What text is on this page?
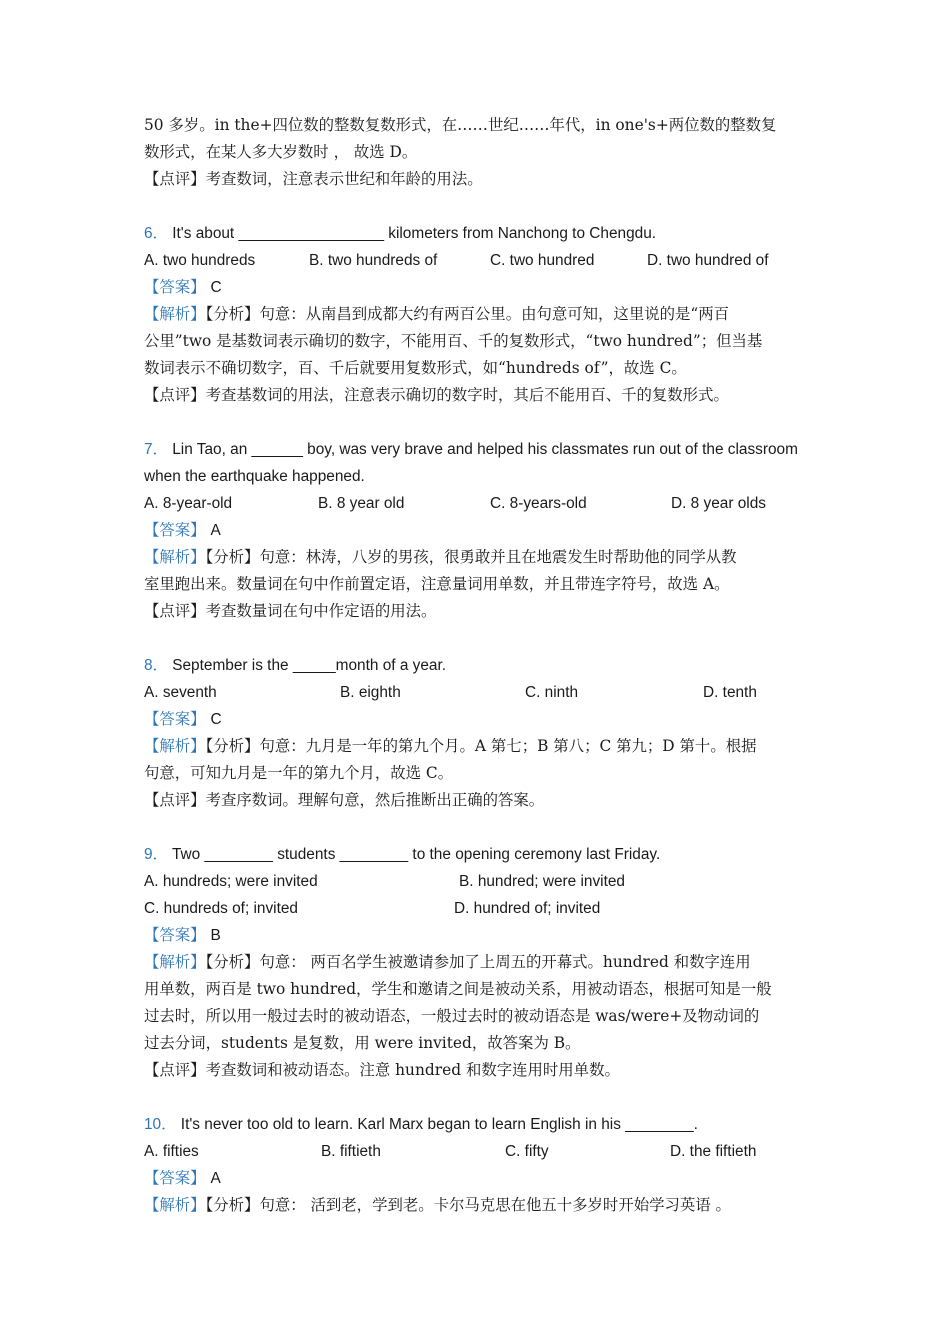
50 多岁。in the+四位数的整数复数形式，在……世纪……年代，in one's+两位数的整数复
数形式，在某人多大岁数时 ， 故选 D。
【点评】考查数词，注意表示世纪和年龄的用法。
6． It's about _________________ kilometers from Nanchong to Chengdu.
A. two hundreds	B. two hundreds of	C. two hundred	D. two hundred of
【答案】 C
【解析】【分析】句意：从南昌到成都大约有两百公里。由句意可知，这里说的是“两百
公里”two 是基数词表示确切的数字，不能用百、千的复数形式，“two hundred”；但当基
数词表示不确切数字，百、千后就要用复数形式，如“hundreds of”，故选 C。
【点评】考查基数词的用法，注意表示确切的数字时，其后不能用百、千的复数形式。
7． Lin Tao, an ______ boy, was very brave and helped his classmates run out of the classroom
when the earthquake happened.
A. 8-year-old	B. 8 year old	C. 8-years-old	D. 8 year olds
【答案】 A
【解析】【分析】句意：林涛，八岁的男孩，很勇敢并且在地震发生时帮助他的同学从教
室里跑出来。数量词在句中作前置定语，注意量词用单数，并且带连字符号，故选 A。
【点评】考查数量词在句中作定语的用法。
8． September is the _____month of a year.
A. seventh	B. eighth	C. ninth	D. tenth
【答案】 C
【解析】【分析】句意：九月是一年的第九个月。A 第七；B 第八；C 第九；D 第十。根据
句意，可知九月是一年的第九个月，故选 C。
【点评】考查序数词。理解句意，然后推断出正确的答案。
9． Two ________ students ________ to the opening ceremony last Friday.
A. hundreds; were invited	B. hundred; were invited
C. hundreds of; invited	D. hundred of; invited
【答案】 B
【解析】【分析】句意： 两百名学生被邀请参加了上周五的开幕式。hundred 和数字连用
用单数，两百是 two hundred，学生和邀请之间是被动关系，用被动语态，根据可知是一般
过去时，所以用一般过去时的被动语态，一般过去时的被动语态是 was/were+及物动词的
过去分词，students 是复数，用 were invited，故答案为 B。
【点评】考查数词和被动语态。注意 hundred 和数字连用时用单数。
10． It's never too old to learn. Karl Marx began to learn English in his ________.
A. fifties	B. fiftieth	C. fifty	D. the fiftieth
【答案】 A
【解析】【分析】句意： 活到老，学到老。卡尔马克思在他五十多岁时开始学习英语 。
